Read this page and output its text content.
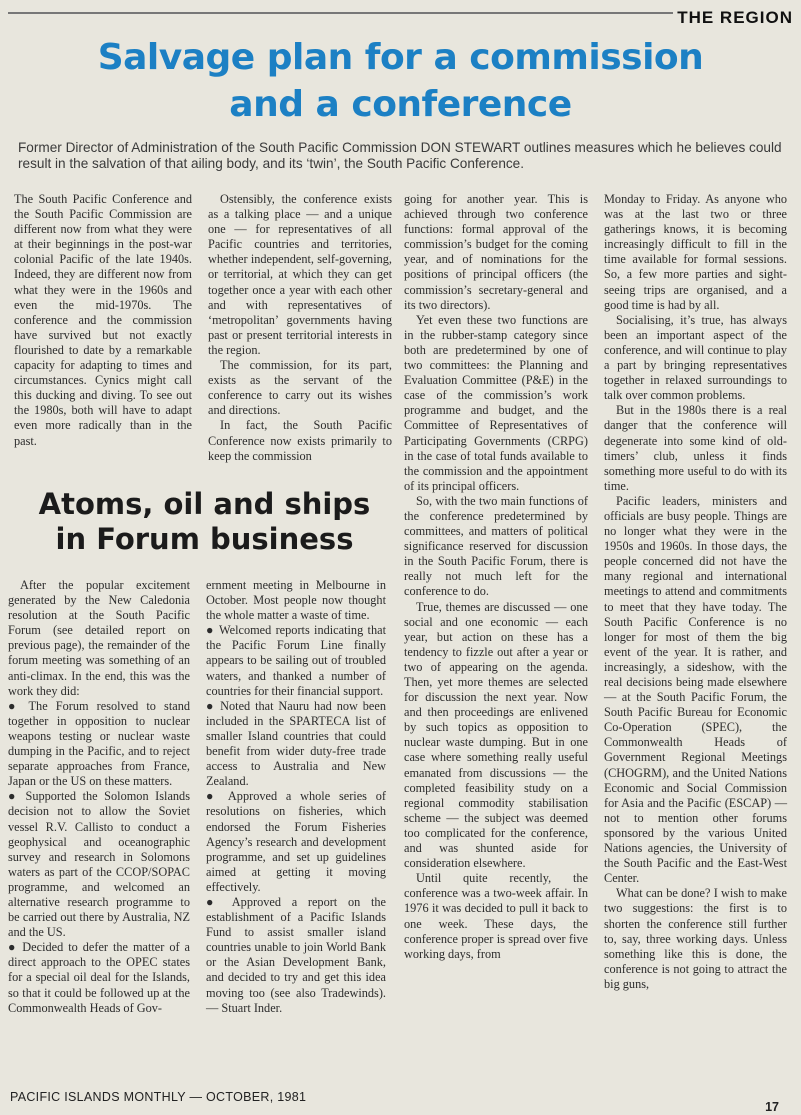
THE REGION
Salvage plan for a commission
and a conference
Former Director of Administration of the South Pacific Commission DON STEWART outlines measures which he believes could result in the salvation of that ailing body, and its ‘twin’, the South Pacific Conference.

The South Pacific Conference and the South Pacific Commission are different now from what they were at their beginnings in the post-war colonial Pacific of the late 1940s. Indeed, they are different now from what they were in the 1960s and even the mid-1970s. The conference and the commission have survived but not exactly flourished to date by a remarkable capacity for adapting to times and circumstances. Cynics might call this ducking and diving. To see out the 1980s, both will have to adapt even more radically than in the past.

Ostensibly, the conference exists as a talking place — and a unique one — for representatives of all Pacific countries and territories, whether independent, self-governing, or territorial, at which they can get together once a year with each other and with representatives of ‘metropolitan’ governments having past or present territorial interests in the region.

The commission, for its part, exists as the servant of the conference to carry out its wishes and directions.

In fact, the South Pacific Conference now exists primarily to keep the commission

Atoms, oil and ships
in Forum business

After the popular excitement generated by the New Caledonia resolution at the South Pacific Forum (see detailed report on previous page), the remainder of the forum meeting was something of an anti-climax. In the end, this was the work they did:

● The Forum resolved to stand together in opposition to nuclear weapons testing or nuclear waste dumping in the Pacific, and to reject separate approaches from France, Japan or the US on these matters.

● Supported the Solomon Islands decision not to allow the Soviet vessel R.V. Callisto to conduct a geophysical and oceanographic survey and research in Solomons waters as part of the CCOP/SOPAC programme, and welcomed an alternative research programme to be carried out there by Australia, NZ and the US.

● Decided to defer the matter of a direct approach to the OPEC states for a special oil deal for the Islands, so that it could be followed up at the Commonwealth Heads of Gov-

ernment meeting in Melbourne in October. Most people now thought the whole matter a waste of time.

● Welcomed reports indicating that the Pacific Forum Line finally appears to be sailing out of troubled waters, and thanked a number of countries for their financial support.

● Noted that Nauru had now been included in the SPARTECA list of smaller Island countries that could benefit from wider duty-free trade access to Australia and New Zealand.

● Approved a whole series of resolutions on fisheries, which endorsed the Forum Fisheries Agency’s research and development programme, and set up guidelines aimed at getting it moving effectively.

● Approved a report on the establishment of a Pacific Islands Fund to assist smaller island countries unable to join World Bank or the Asian Development Bank, and decided to try and get this idea moving too (see also Tradewinds). — Stuart Inder.

going for another year. This is achieved through two conference functions: formal approval of the commission’s budget for the coming year, and of nominations for the positions of principal officers (the commission’s secretary-general and its two directors).

Yet even these two functions are in the rubber-stamp category since both are predetermined by one of two committees: the Planning and Evaluation Committee (P&E) in the case of the commission’s work programme and budget, and the Committee of Representatives of Participating Governments (CRPG) in the case of total funds available to the commission and the appointment of its principal officers.

So, with the two main functions of the conference predetermined by committees, and matters of political significance reserved for discussion in the South Pacific Forum, there is really not much left for the conference to do.

True, themes are discussed — one social and one economic — each year, but action on these has a tendency to fizzle out after a year or two of appearing on the agenda. Then, yet more themes are selected for discussion the next year. Now and then proceedings are enlivened by such topics as opposition to nuclear waste dumping. But in one case where something really useful emanated from discussions — the completed feasibility study on a regional commodity stabilisation scheme — the subject was deemed too complicated for the conference, and was shunted aside for consideration elsewhere.

Until quite recently, the conference was a two-week affair. In 1976 it was decided to pull it back to one week. These days, the conference proper is spread over five working days, from

Monday to Friday. As anyone who was at the last two or three gatherings knows, it is becoming increasingly difficult to fill in the time available for formal sessions. So, a few more parties and sight-seeing trips are organised, and a good time is had by all.

Socialising, it’s true, has always been an important aspect of the conference, and will continue to play a part by bringing representatives together in relaxed surroundings to talk over common problems.

But in the 1980s there is a real danger that the conference will degenerate into some kind of old-timers’ club, unless it finds something more useful to do with its time.

Pacific leaders, ministers and officials are busy people. Things are no longer what they were in the 1950s and 1960s. In those days, the people concerned did not have the many regional and international meetings to attend and commitments to meet that they have today. The South Pacific Conference is no longer for most of them the big event of the year. It is rather, and increasingly, a sideshow, with the real decisions being made elsewhere — at the South Pacific Forum, the South Pacific Bureau for Economic Co-Operation (SPEC), the Commonwealth Heads of Government Regional Meetings (CHOGRM), and the United Nations Economic and Social Commission for Asia and the Pacific (ESCAP) — not to mention other forums sponsored by the various United Nations agencies, the University of the South Pacific and the East-West Center.

What can be done? I wish to make two suggestions: the first is to shorten the conference still further to, say, three working days. Unless something like this is done, the conference is not going to attract the big guns,

PACIFIC ISLANDS MONTHLY — OCTOBER, 1981
17
